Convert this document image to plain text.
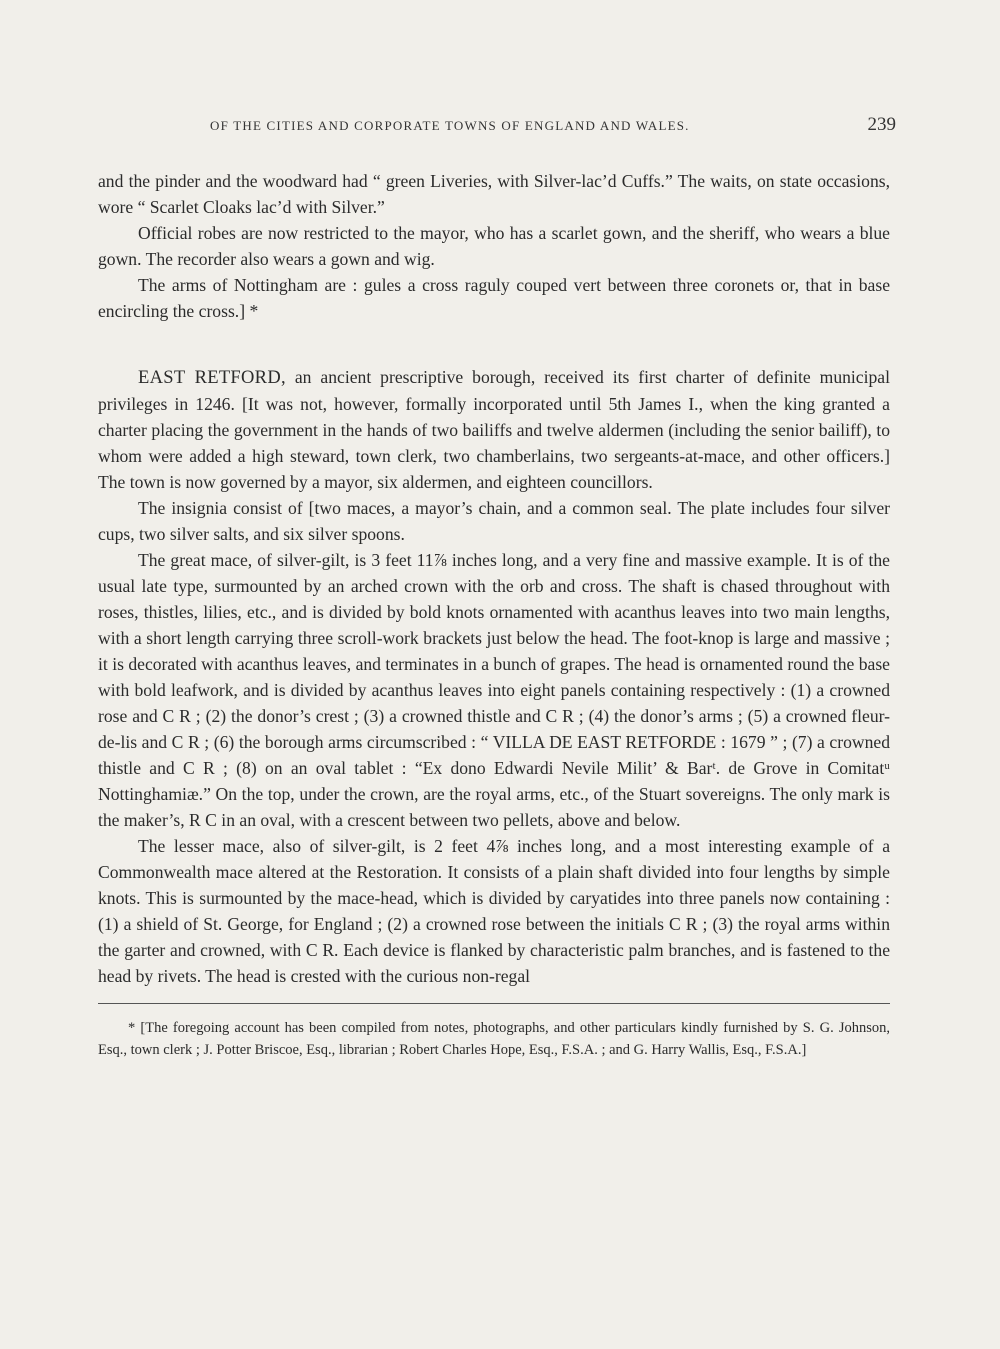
OF THE CITIES AND CORPORATE TOWNS OF ENGLAND AND WALES.	239

and the pinder and the woodward had “ green Liveries, with Silver-lac’d Cuffs.” The waits, on state occasions, wore “ Scarlet Cloaks lac’d with Silver.”

Official robes are now restricted to the mayor, who has a scarlet gown, and the sheriff, who wears a blue gown. The recorder also wears a gown and wig.

The arms of Nottingham are : gules a cross raguly couped vert between three coronets or, that in base encircling the cross.] *

EAST RETFORD, an ancient prescriptive borough, received its first charter of definite municipal privileges in 1246. [It was not, however, formally incorporated until 5th James I., when the king granted a charter placing the government in the hands of two bailiffs and twelve aldermen (including the senior bailiff), to whom were added a high steward, town clerk, two chamberlains, two sergeants-at-mace, and other officers.] The town is now governed by a mayor, six aldermen, and eighteen councillors.

The insignia consist of [two maces, a mayor’s chain, and a common seal. The plate includes four silver cups, two silver salts, and six silver spoons.

The great mace, of silver-gilt, is 3 feet 11⅞ inches long, and a very fine and massive example. It is of the usual late type, surmounted by an arched crown with the orb and cross. The shaft is chased throughout with roses, thistles, lilies, etc., and is divided by bold knots ornamented with acanthus leaves into two main lengths, with a short length carrying three scroll-work brackets just below the head. The foot-knop is large and massive ; it is decorated with acanthus leaves, and terminates in a bunch of grapes. The head is ornamented round the base with bold leafwork, and is divided by acanthus leaves into eight panels containing respectively : (1) a crowned rose and C R ; (2) the donor’s crest ; (3) a crowned thistle and C R ; (4) the donor’s arms ; (5) a crowned fleur-de-lis and C R ; (6) the borough arms circumscribed : “ VILLA DE EAST RETFORDE : 1679 ” ; (7) a crowned thistle and C R ; (8) on an oval tablet : “Ex dono Edwardi Nevile Milit’ & Barᵗ. de Grove in Comitatᵘ Nottinghamiæ.” On the top, under the crown, are the royal arms, etc., of the Stuart sovereigns. The only mark is the maker’s, R C in an oval, with a crescent between two pellets, above and below.

The lesser mace, also of silver-gilt, is 2 feet 4⅞ inches long, and a most interesting example of a Commonwealth mace altered at the Restoration. It consists of a plain shaft divided into four lengths by simple knots. This is surmounted by the mace-head, which is divided by caryatides into three panels now containing : (1) a shield of St. George, for England ; (2) a crowned rose between the initials C R ; (3) the royal arms within the garter and crowned, with C R. Each device is flanked by characteristic palm branches, and is fastened to the head by rivets. The head is crested with the curious non-regal

* [The foregoing account has been compiled from notes, photographs, and other particulars kindly furnished by S. G. Johnson, Esq., town clerk ; J. Potter Briscoe, Esq., librarian ; Robert Charles Hope, Esq., F.S.A. ; and G. Harry Wallis, Esq., F.S.A.]
